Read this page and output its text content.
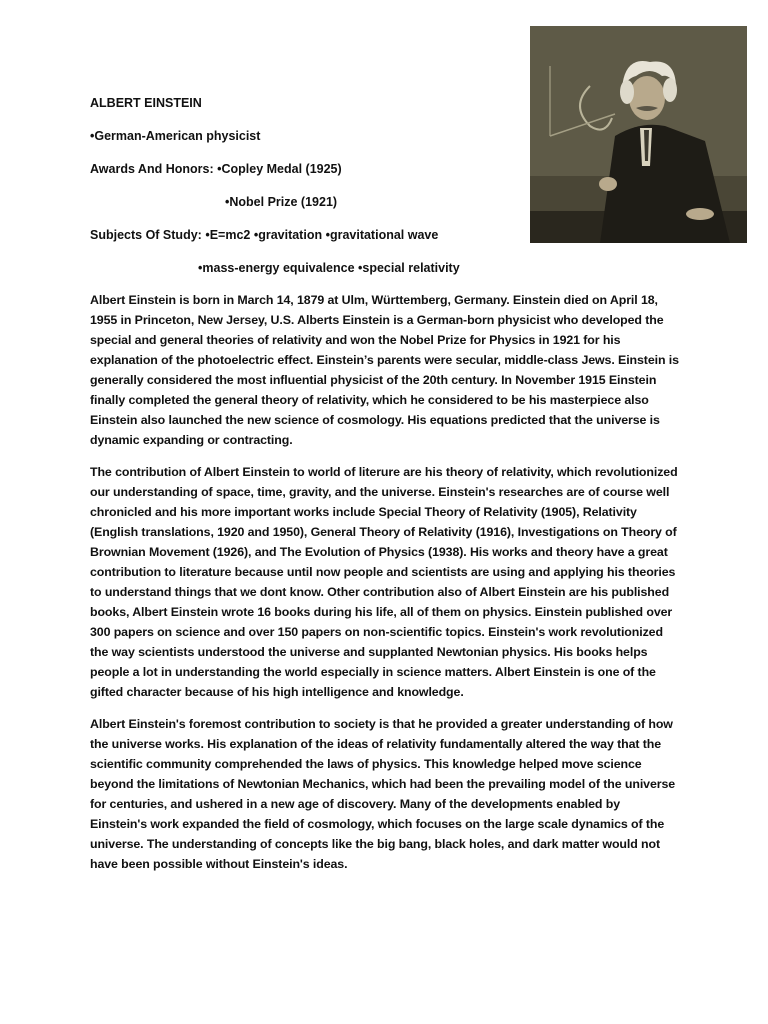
ALBERT EINSTEIN
•German-American physicist
Awards And Honors: •Copley Medal (1925)
•Nobel Prize (1921)
Subjects Of Study: •E=mc2 •gravitation •gravitational wave
•mass-energy equivalence •special relativity

Albert Einstein is born in March 14, 1879 at Ulm, Württemberg, Germany. Einstein died on April 18, 1955 in Princeton, New Jersey, U.S. Alberts Einstein is a German-born physicist who developed the special and general theories of relativity and won the Nobel Prize for Physics in 1921 for his explanation of the photoelectric effect. Einstein’s parents were secular, middle-class Jews. Einstein is generally considered the most influential physicist of the 20th century. In November 1915 Einstein finally completed the general theory of relativity, which he considered to be his masterpiece also Einstein also launched the new science of cosmology. His equations predicted that the universe is dynamic expanding or contracting.

The contribution of Albert Einstein to world of literure are his theory of relativity, which revolutionized our understanding of space, time, gravity, and the universe. Einstein's researches are of course well chronicled and his more important works include Special Theory of Relativity (1905), Relativity (English translations, 1920 and 1950), General Theory of Relativity (1916), Investigations on Theory of Brownian Movement (1926), and The Evolution of Physics (1938). His works and theory have a great contribution to literature because until now people and scientists are using and applying his theories to understand things that we dont know. Other contribution also of Albert Einstein are his published books, Albert Einstein wrote 16 books during his life, all of them on physics. Einstein published over 300 papers on science and over 150 papers on non-scientific topics. Einstein's work revolutionized the way scientists understood the universe and supplanted Newtonian physics. His books helps people a lot in understanding the world especially in science matters. Albert Einstein is one of the gifted character because of his high intelligence and knowledge.

Albert Einstein's foremost contribution to society is that he provided a greater understanding of how the universe works. His explanation of the ideas of relativity fundamentally altered the way that the scientific community comprehended the laws of physics. This knowledge helped move science beyond the limitations of Newtonian Mechanics, which had been the prevailing model of the universe for centuries, and ushered in a new age of discovery. Many of the developments enabled by Einstein's work expanded the field of cosmology, which focuses on the large scale dynamics of the universe. The understanding of concepts like the big bang, black holes, and dark matter would not have been possible without Einstein's ideas.
